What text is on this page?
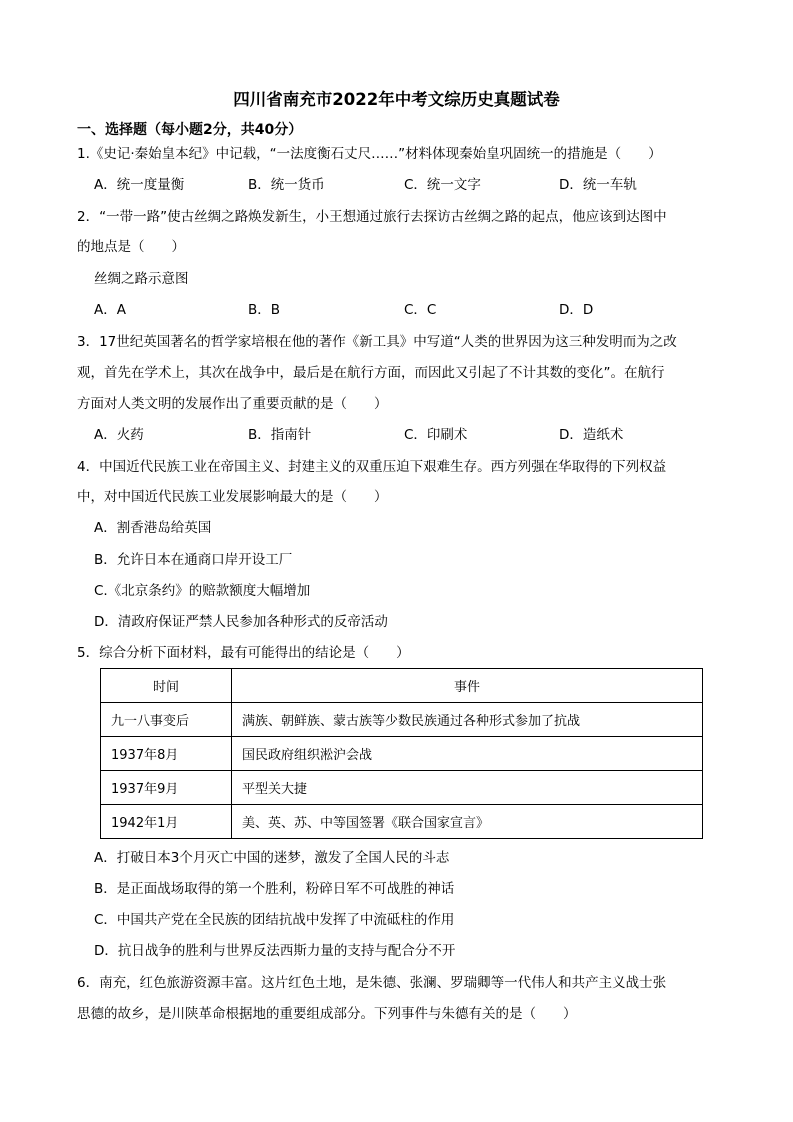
四川省南充市2022年中考文综历史真题试卷
一、选择题（每小题2分，共40分）
1.《史记·秦始皇本纪》中记载，“一法度衡石丈尺……”材料体现秦始皇巩固统一的措施是（　　）
A．统一度量衡	B．统一货币	C．统一文字	D．统一车轨
2．“一带一路”使古丝绸之路焕发新生，小王想通过旅行去探访古丝绸之路的起点，他应该到达图中
的地点是（　　）
丝绸之路示意图
A．A	B．B	C．C	D．D
3．17世纪英国著名的哲学家培根在他的著作《新工具》中写道“人类的世界因为这三种发明而为之改
观，首先在学术上，其次在战争中，最后是在航行方面，而因此又引起了不计其数的变化”。在航行
方面对人类文明的发展作出了重要贡献的是（　　）
A．火药	B．指南针	C．印刷术	D．造纸术
4．中国近代民族工业在帝国主义、封建主义的双重压迫下艰难生存。西方列强在华取得的下列权益
中，对中国近代民族工业发展影响最大的是（　　）
A．割香港岛给英国
B．允许日本在通商口岸开设工厂
C.《北京条约》的赔款额度大幅增加
D．清政府保证严禁人民参加各种形式的反帝活动
5．综合分析下面材料，最有可能得出的结论是（　　）
时间	事件
九一八事变后	满族、朝鲜族、蒙古族等少数民族通过各种形式参加了抗战
1937年8月	国民政府组织淞沪会战
1937年9月	平型关大捷
1942年1月	美、英、苏、中等国签署《联合国家宣言》
A．打破日本3个月灭亡中国的迷梦，激发了全国人民的斗志
B．是正面战场取得的第一个胜利，粉碎日军不可战胜的神话
C．中国共产党在全民族的团结抗战中发挥了中流砥柱的作用
D．抗日战争的胜利与世界反法西斯力量的支持与配合分不开
6．南充，红色旅游资源丰富。这片红色土地，是朱德、张澜、罗瑞卿等一代伟人和共产主义战士张
思德的故乡，是川陕革命根据地的重要组成部分。下列事件与朱德有关的是（　　）
